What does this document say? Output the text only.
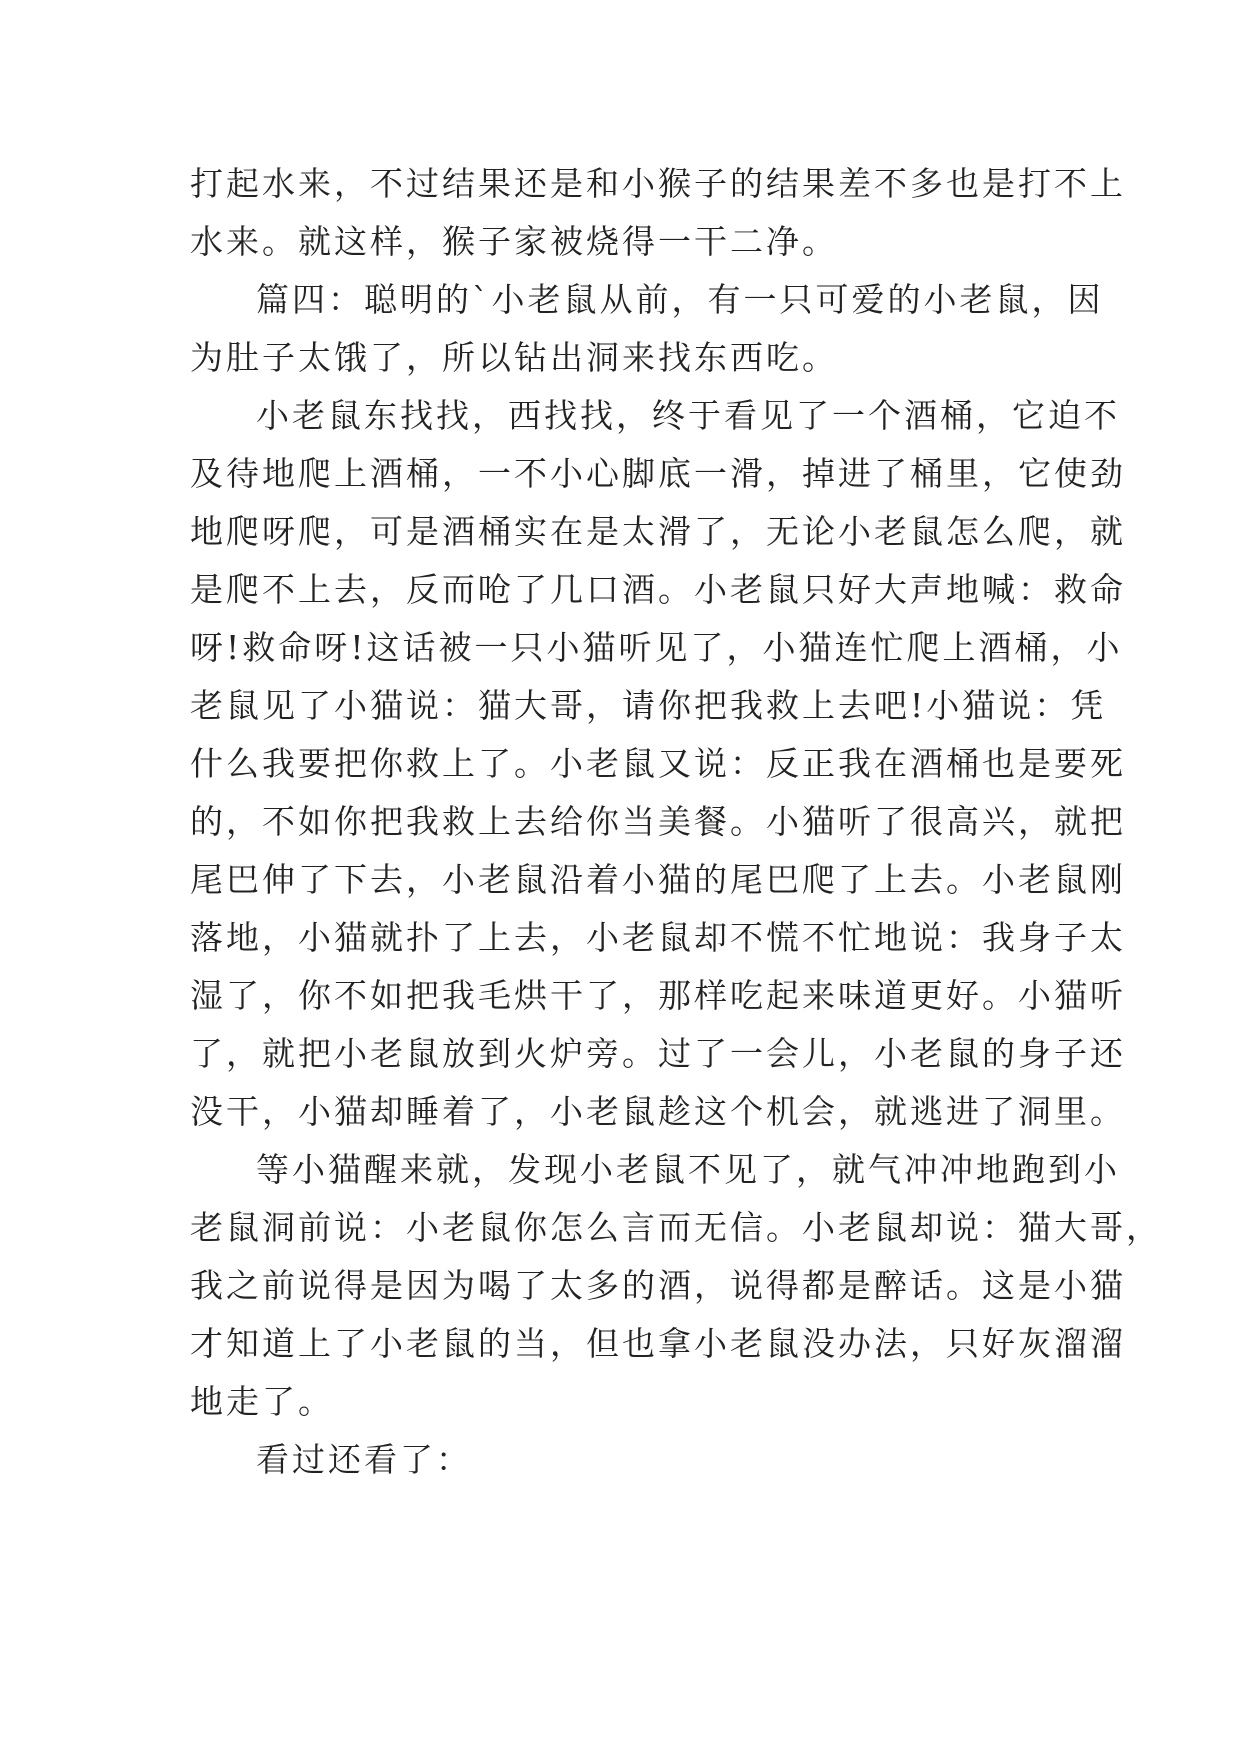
打起水来，不过结果还是和小猴子的结果差不多也是打不上
水来。就这样，猴子家被烧得一干二净。
篇四：聪明的`小老鼠从前，有一只可爱的小老鼠，因
为肚子太饿了，所以钻出洞来找东西吃。
小老鼠东找找，西找找，终于看见了一个酒桶，它迫不
及待地爬上酒桶，一不小心脚底一滑，掉进了桶里，它使劲
地爬呀爬，可是酒桶实在是太滑了，无论小老鼠怎么爬，就
是爬不上去，反而呛了几口酒。小老鼠只好大声地喊：救命
呀!救命呀!这话被一只小猫听见了，小猫连忙爬上酒桶，小
老鼠见了小猫说：猫大哥，请你把我救上去吧!小猫说：凭
什么我要把你救上了。小老鼠又说：反正我在酒桶也是要死
的，不如你把我救上去给你当美餐。小猫听了很高兴，就把
尾巴伸了下去，小老鼠沿着小猫的尾巴爬了上去。小老鼠刚
落地，小猫就扑了上去，小老鼠却不慌不忙地说：我身子太
湿了，你不如把我毛烘干了，那样吃起来味道更好。小猫听
了，就把小老鼠放到火炉旁。过了一会儿，小老鼠的身子还
没干，小猫却睡着了，小老鼠趁这个机会，就逃进了洞里。
等小猫醒来就，发现小老鼠不见了，就气冲冲地跑到小
老鼠洞前说：小老鼠你怎么言而无信。小老鼠却说：猫大哥，
我之前说得是因为喝了太多的酒，说得都是醉话。这是小猫
才知道上了小老鼠的当，但也拿小老鼠没办法，只好灰溜溜
地走了。
看过还看了：
